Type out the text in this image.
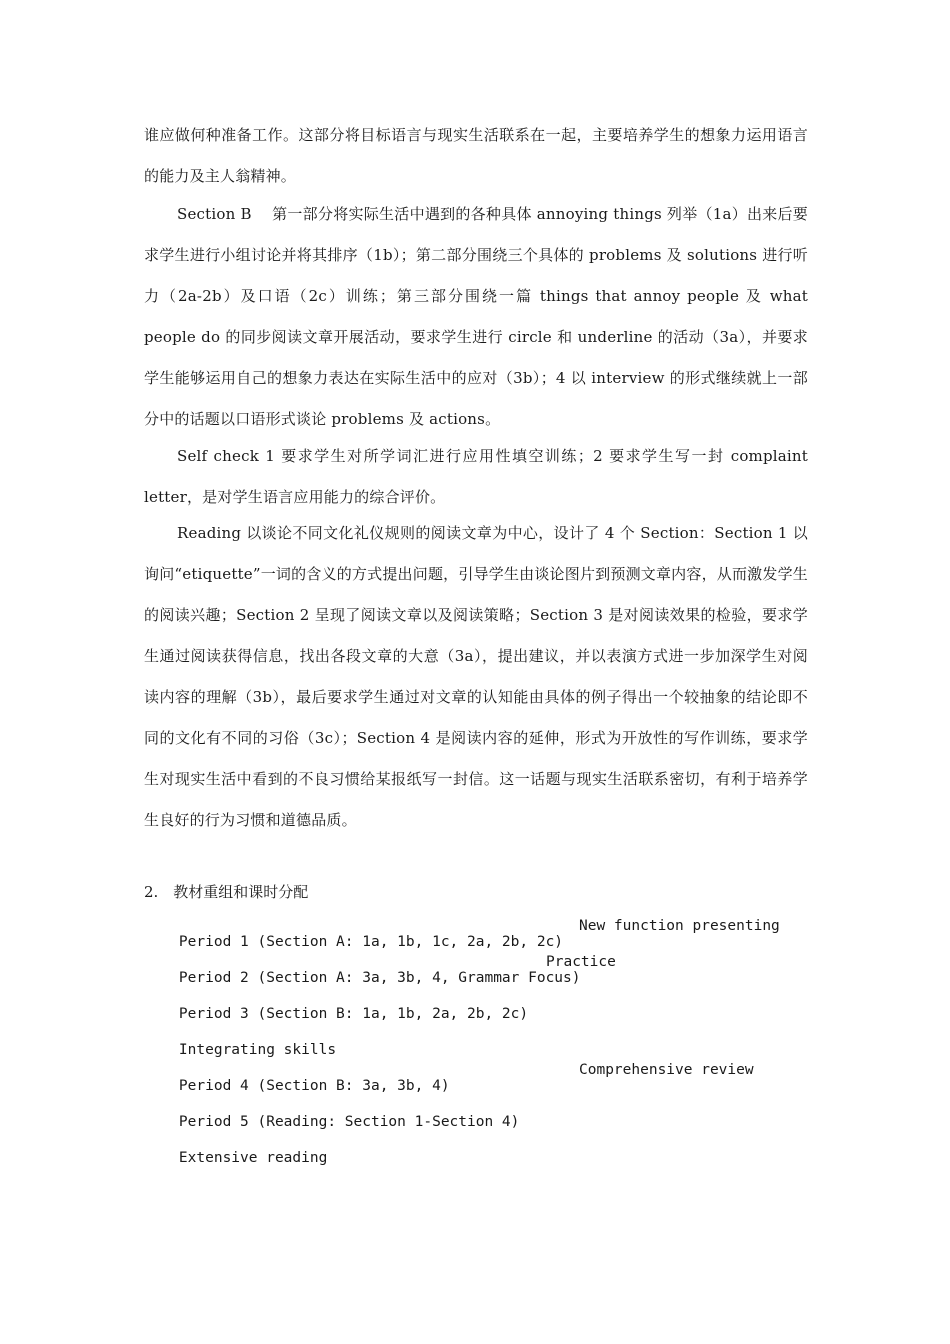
谁应做何种准备工作。这部分将目标语言与现实生活联系在一起，主要培养学生的想象力运用语言的能力及主人翁精神。

Section B　 第一部分将实际生活中遇到的各种具体 annoying things 列举（1a）出来后要求学生进行小组讨论并将其排序（1b）；第二部分围绕三个具体的 problems 及 solutions 进行听力（2a-2b）及口语（2c）训练；第三部分围绕一篇 things that annoy people 及 what people do 的同步阅读文章开展活动，要求学生进行 circle 和 underline 的活动（3a），并要求学生能够运用自己的想象力表达在实际生活中的应对（3b）；4 以 interview 的形式继续就上一部分中的话题以口语形式谈论 problems 及 actions。

Self check 1 要求学生对所学词汇进行应用性填空训练；2 要求学生写一封 complaint letter，是对学生语言应用能力的综合评价。

Reading 以谈论不同文化礼仪规则的阅读文章为中心，设计了 4 个 Section：Section 1 以询问“etiquette”一词的含义的方式提出问题，引导学生由谈论图片到预测文章内容，从而激发学生的阅读兴趣；Section 2 呈现了阅读文章以及阅读策略；Section 3 是对阅读效果的检验，要求学生通过阅读获得信息，找出各段文章的大意（3a），提出建议，并以表演方式进一步加深学生对阅读内容的理解（3b），最后要求学生通过对文章的认知能由具体的例子得出一个较抽象的结论即不同的文化有不同的习俗（3c）；Section 4 是阅读内容的延伸，形式为开放性的写作训练，要求学生对现实生活中看到的不良习惯给某报纸写一封信。这一话题与现实生活联系密切，有利于培养学生良好的行为习惯和道德品质。

2.　教材重组和课时分配

Period 1 (Section A: 1a, 1b, 1c, 2a, 2b, 2c)

New function presenting

Period 2 (Section A: 3a, 3b, 4, Grammar Focus)

Practice

Period 3 (Section B: 1a, 1b, 2a, 2b, 2c)

Integrating skills

Period 4 (Section B: 3a, 3b, 4)

Comprehensive review

Period 5 (Reading: Section 1-Section 4)

Extensive reading
